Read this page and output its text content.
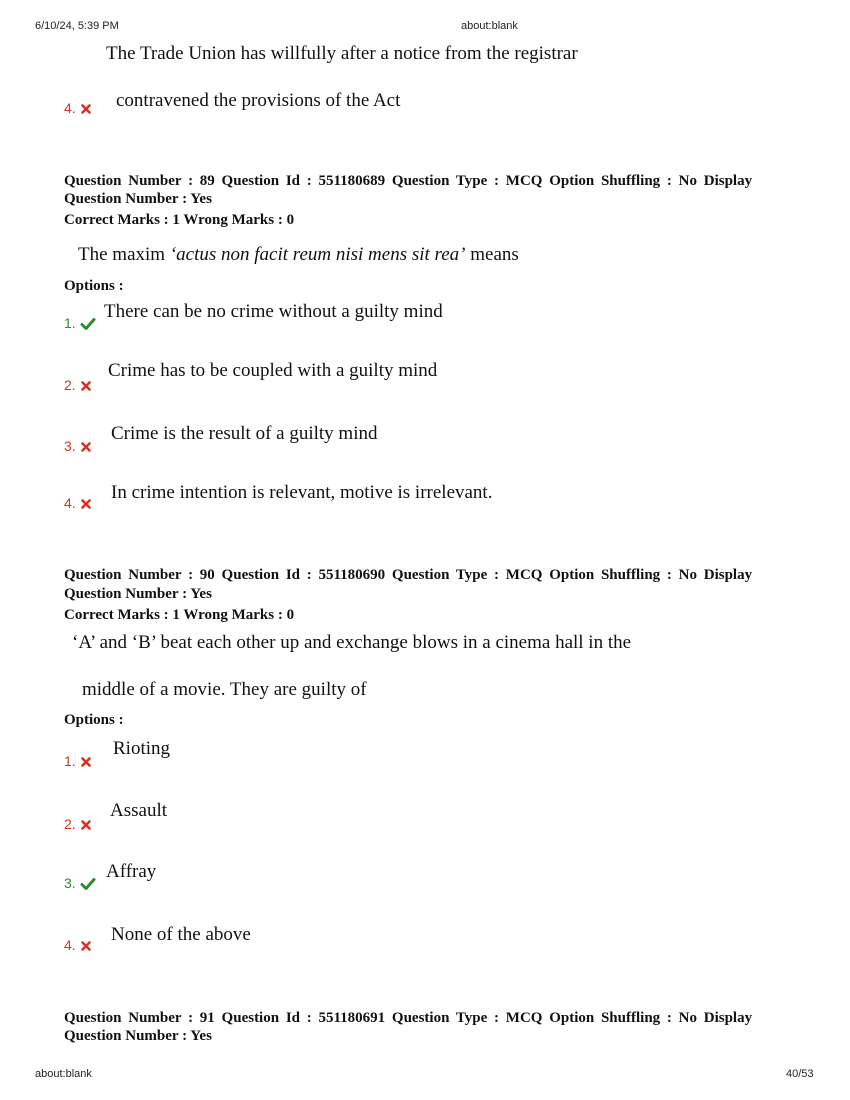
6/10/24, 5:39 PM	about:blank
The Trade Union has willfully after a notice from the registrar
4.	contravened the provisions of the Act
Question Number : 89 Question Id : 551180689 Question Type : MCQ Option Shuffling : No Display
Question Number : Yes
Correct Marks : 1 Wrong Marks : 0
The maxim ‘actus non facit reum nisi mens sit rea’ means
Options :
1.
There can be no crime without a guilty mind
2.
Crime has to be coupled with a guilty mind
3.
Crime is the result of a guilty mind
4.	In crime intention is relevant, motive is irrelevant.
Question Number : 90 Question Id : 551180690 Question Type : MCQ Option Shuffling : No Display
Question Number : Yes
Correct Marks : 1 Wrong Marks : 0
‘A’ and ‘B’ beat each other up and exchange blows in a cinema hall in the
middle of a movie. They are guilty of
Options :
1.
Rioting
2.
Assault
3.
Affray
4.	None of the above
Question Number : 91 Question Id : 551180691 Question Type : MCQ Option Shuffling : No Display
Question Number : Yes
about:blank	40/53
